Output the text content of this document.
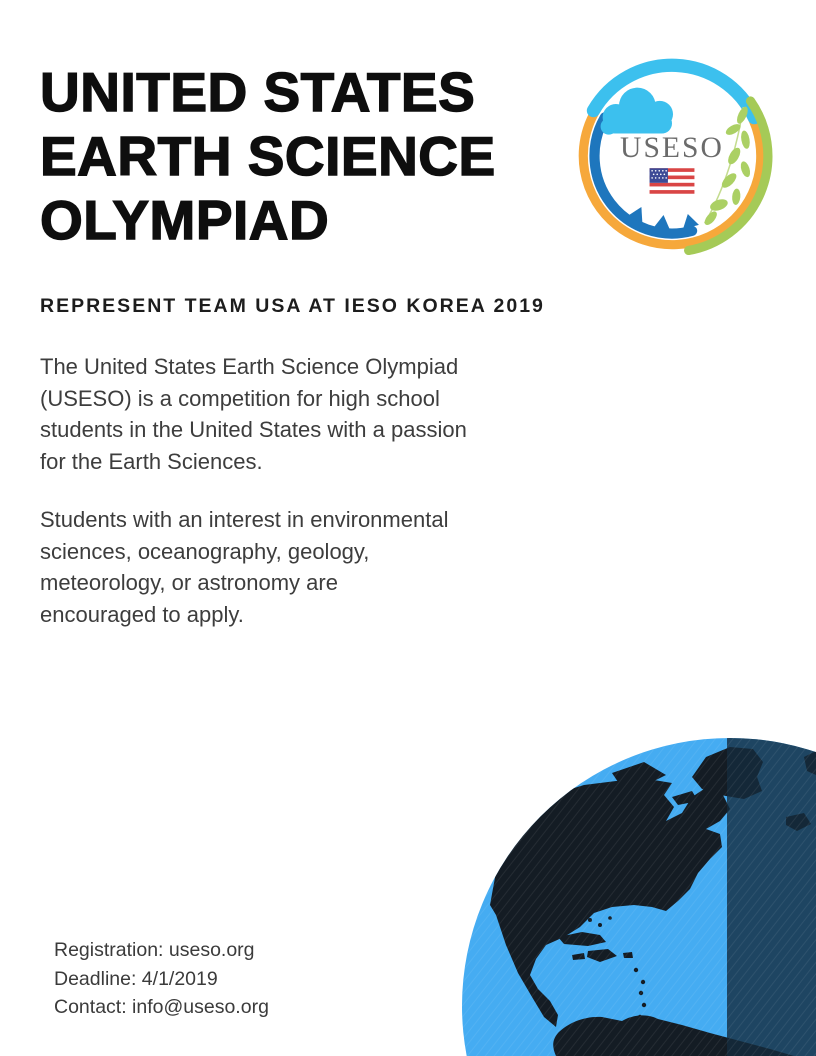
UNITED STATES
EARTH SCIENCE
OLYMPIAD
USESO
REPRESENT TEAM USA AT IESO KOREA 2019

The United States Earth Science Olympiad
(USESO) is a competition for high school
students in the United States with a passion
for the Earth Sciences.

Students with an interest in environmental
sciences, oceanography, geology,
meteorology, or astronomy are
encouraged to apply.

Registration: useso.org
Deadline: 4/1/2019
Contact: info@useso.org
